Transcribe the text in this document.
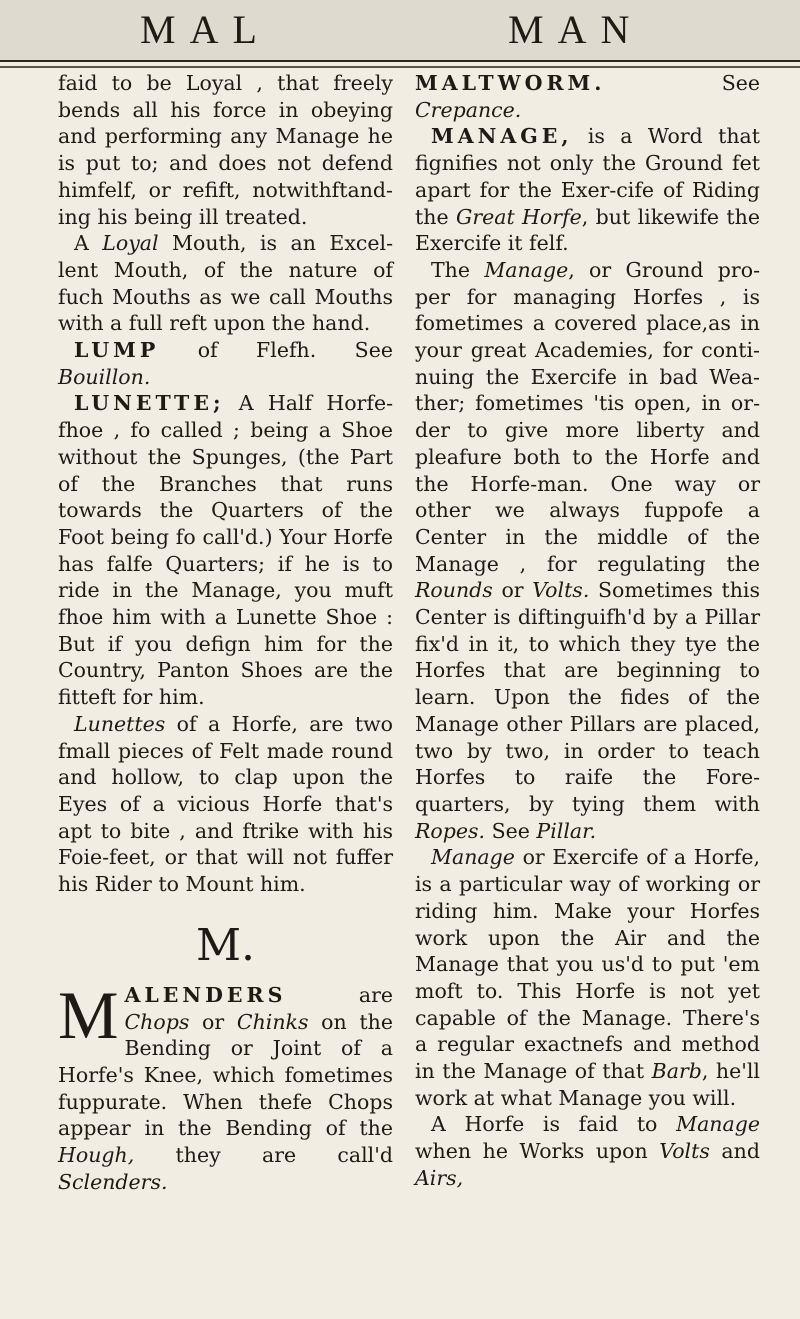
MAL	MAN

faid to be Loyal , that freely bends all his force in obeying and performing any Manage he is put to; and does not defend himfelf, or refift, notwithftand-ing his being ill treated.

A Loyal Mouth, is an Excel-lent Mouth, of the nature of fuch Mouths as we call Mouths with a full reft upon the hand.

LUMP of Flefh. See Bouillon.

LUNETTE; A Half Horfe-fhoe , fo called ; being a Shoe without the Spunges, (the Part of the Branches that runs towards the Quarters of the Foot being fo call'd.) Your Horfe has falfe Quarters; if he is to ride in the Manage, you muft fhoe him with a Lunette Shoe : But if you defign him for the Country, Panton Shoes are the fitteft for him.

Lunettes of a Horfe, are two fmall pieces of Felt made round and hollow, to clap upon the Eyes of a vicious Horfe that's apt to bite , and ftrike with his Foie-feet, or that will not fuffer his Rider to Mount him.

M.

MALENDERS are Chops or Chinks on the Bending or Joint of a Horfe's Knee, which fometimes fuppurate. When thefe Chops appear in the Bending of the Hough, they are call'd Sclenders.

MALTWORM. See Crepance.

MANAGE, is a Word that fignifies not only the Ground fet apart for the Exer-cife of Riding the Great Horfe, but likewife the Exercife it felf.

The Manage, or Ground pro-per for managing Horfes , is fometimes a covered place,as in your great Academies, for conti-nuing the Exercife in bad Wea-ther; fometimes 'tis open, in or-der to give more liberty and pleafure both to the Horfe and the Horfe-man. One way or other we always fuppofe a Center in the middle of the Manage , for regulating the Rounds or Volts. Sometimes this Center is diftinguifh'd by a Pillar fix'd in it, to which they tye the Horfes that are beginning to learn. Upon the fides of the Manage other Pillars are placed, two by two, in order to teach Horfes to raife the Fore-quarters, by tying them with Ropes. See Pillar.

Manage or Exercife of a Horfe, is a particular way of working or riding him. Make your Horfes work upon the Air and the Manage that you us'd to put 'em moft to. This Horfe is not yet capable of the Manage. There's a regular exactnefs and method in the Manage of that Barb, he'll work at what Manage you will.

A Horfe is faid to Manage when he Works upon Volts and Airs,
